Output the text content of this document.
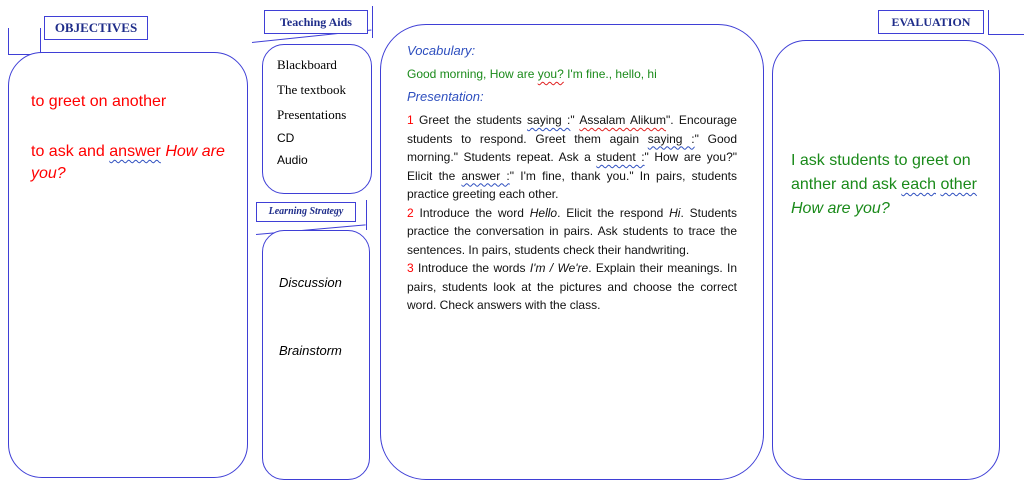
OBJECTIVES
to greet on another
to ask and answer How are you?
Teaching Aids
Blackboard
The textbook
Presentations
CD
Audio
Learning Strategy
Discussion
Brainstorm
Vocabulary:
Good morning, How are you? I'm fine., hello, hi
Presentation:

1 Greet the students saying :" Assalam Alikum". Encourage students to respond. Greet them again saying :" Good morning." Students repeat. Ask a student :" How are you?" Elicit the answer :" I'm fine, thank you." In pairs, students practice greeting each other.

2 Introduce the word Hello. Elicit the respond Hi. Students practice the conversation in pairs. Ask students to trace the sentences. In pairs, students check their handwriting.

3 Introduce the words I'm / We're. Explain their meanings. In pairs, students look at the pictures and choose the correct word. Check answers with the class.

EVALUATION
I ask students to greet on anther and ask each other How are you?
